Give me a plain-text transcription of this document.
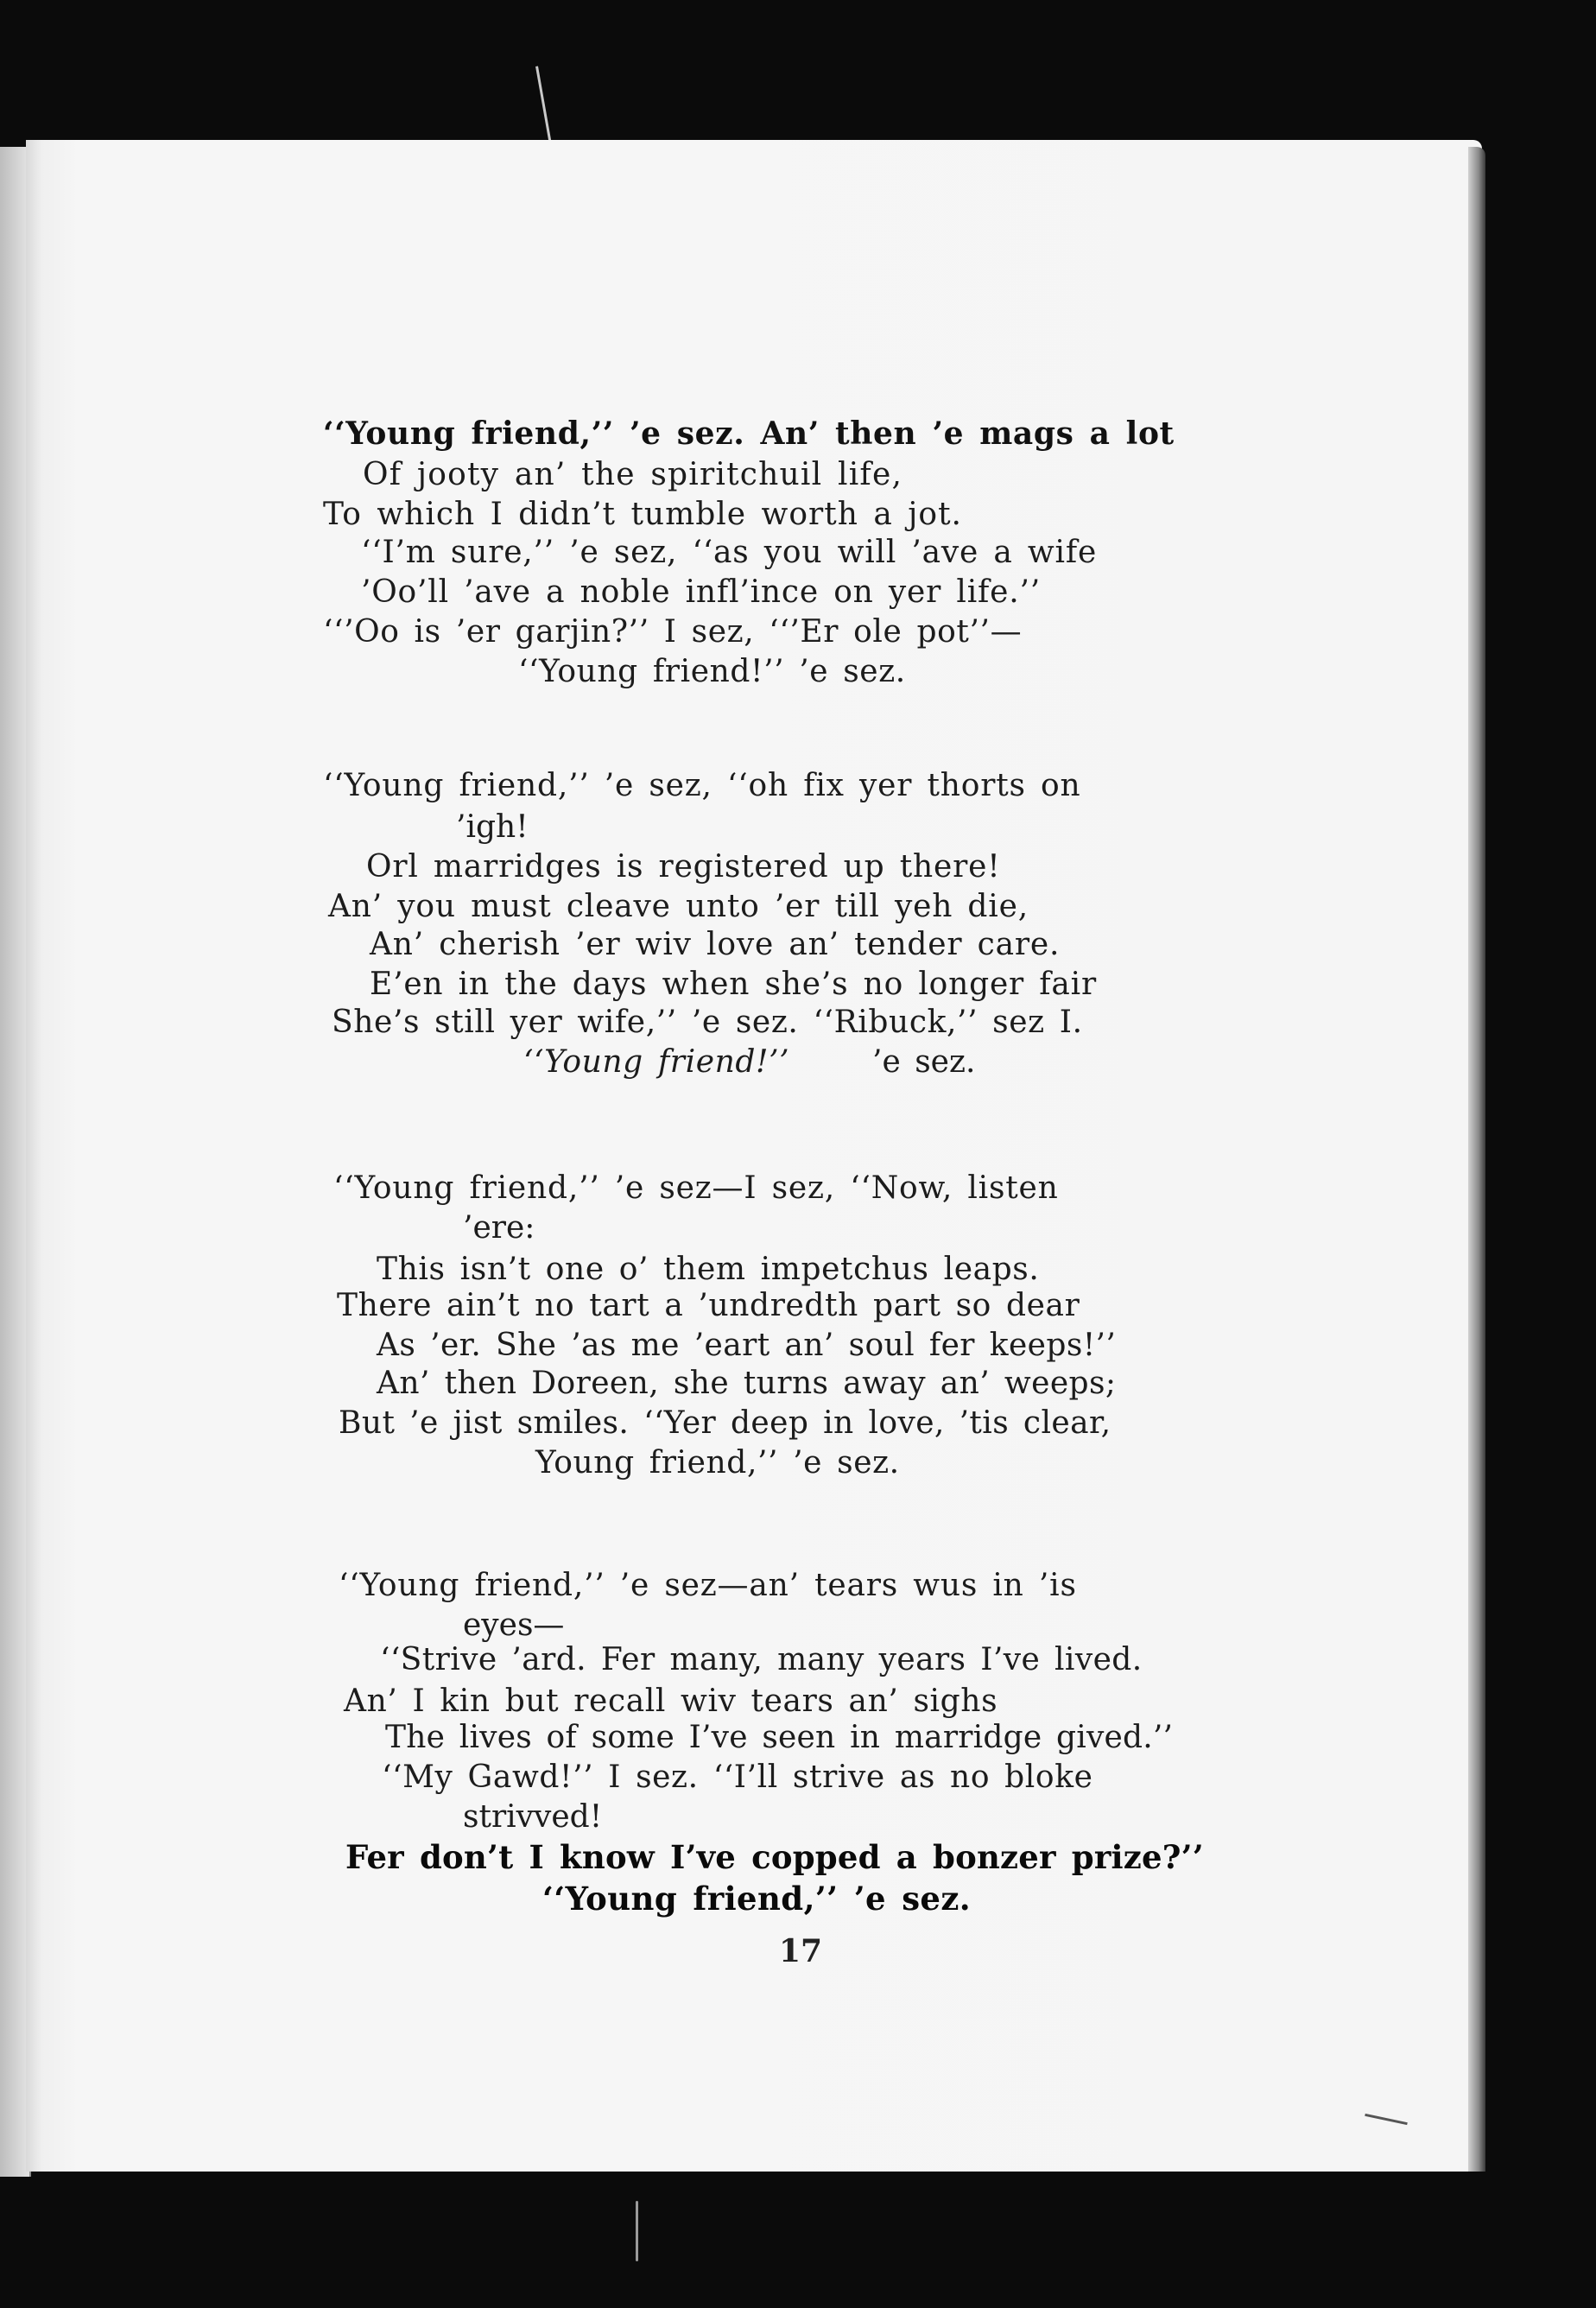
‘‘Young friend,’’ ’e sez. An’ then ’e mags a lot
Of jooty an’ the spiritchuil life,
To which I didn’t tumble worth a jot.
‘‘I’m sure,’’ ’e sez, ‘‘as you will ’ave a wife
’Oo’ll ’ave a noble infl’ince on yer life.’’
‘‘’Oo is ’er garjin?’’ I sez, ‘‘’Er ole pot’’—
‘‘Young friend!’’ ’e sez.
‘‘Young friend,’’ ’e sez, ‘‘oh fix yer thorts on
’igh!
Orl marridges is registered up there!
An’ you must cleave unto ’er till yeh die,
An’ cherish ’er wiv love an’ tender care.
E’en in the days when she’s no longer fair
She’s still yer wife,’’ ’e sez. ‘‘Ribuck,’’ sez I.
‘‘Young friend!’’	’e sez.
‘‘Young friend,’’ ’e sez—I sez, ‘‘Now, listen
’ere:
This isn’t one o’ them impetchus leaps.
There ain’t no tart a ’undredth part so dear
As ’er. She ’as me ’eart an’ soul fer keeps!’’
An’ then Doreen, she turns away an’ weeps;
But ’e jist smiles. ‘‘Yer deep in love, ’tis clear,
Young friend,’’ ’e sez.
‘‘Young friend,’’ ’e sez—an’ tears wus in ’is
eyes—
‘‘Strive ’ard. Fer many, many years I’ve lived.
An’ I kin but recall wiv tears an’ sighs
The lives of some I’ve seen in marridge gived.’’
‘‘My Gawd!’’ I sez. ‘‘I’ll strive as no bloke
strivved!
Fer don’t I know I’ve copped a bonzer prize?’’
‘‘Young friend,’’ ’e sez.
17
